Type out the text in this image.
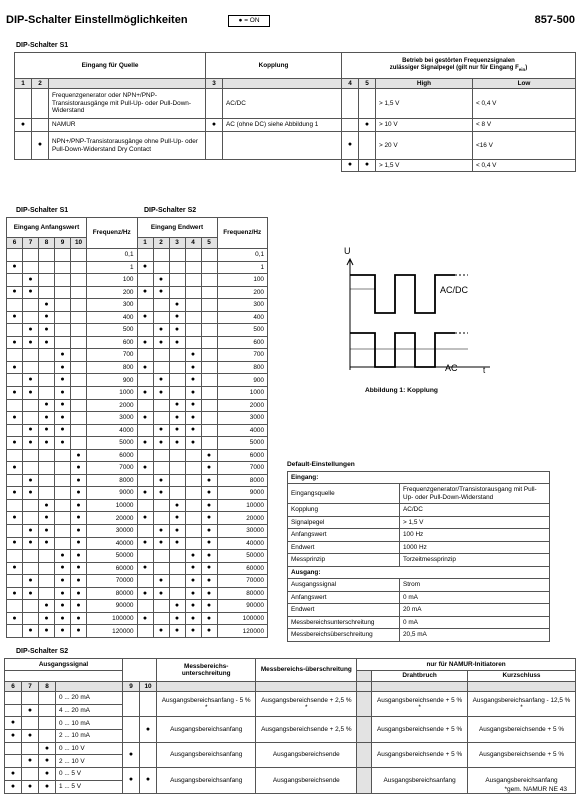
DIP-Schalter Einstellmöglichkeiten	● = ON	857-500
DIP-Schalter S1
Eingang für Quelle			Kopplung		Betrieb bei gestörten Frequenzsignalen
zulässiger Signalpegel (gilt nur für Eingang $F_{ein}$)			

1	2		3		4	5	High	Low
		Frequenzgenerator oder NPN+/PNP-Transistorausgänge mit Pull-Up- oder Pull-Down-Widerstand		AC/DC			> 1,5 V	< 0,4 V
●		NAMUR	●	AC (ohne DC) siehe Abbildung 1		●	> 10 V	< 8 V
	●	NPN+/PNP-Transistorausgänge ohne Pull-Up- oder Pull-Down-Widerstand Dry Contact			●		> 20 V	<16 V
					●	●	> 1,5 V	< 0,4 V
DIP-Schalter S1	DIP-Schalter S2
Eingang Anfangswert					Frequenz/Hz	Eingang Endwert					Frequenz/Hz
6	7	8	9	10		1	2	3	4	5	
					0,1						0,1
●					1	●					1
	●				100		●				100
●	●				200	●	●				200
		●			300			●			300
●		●			400	●		●			400
	●	●			500		●	●			500
●	●	●			600	●	●	●			600
			●		700				●		700
●			●		800	●			●		800
	●		●		900		●		●		900
●	●		●		1000	●	●		●		1000
		●	●		2000			●	●		2000
●		●	●		3000	●		●	●		3000
	●	●	●		4000		●	●	●		4000
●	●	●	●		5000	●	●	●	●		5000
				●	6000					●	6000
●				●	7000	●				●	7000
	●			●	8000		●			●	8000
●	●			●	9000	●	●			●	9000
		●		●	10000			●		●	10000
●		●		●	20000	●		●		●	20000
	●	●		●	30000		●	●		●	30000
●	●	●		●	40000	●	●	●		●	40000
			●	●	50000				●	●	50000
●			●	●	60000	●			●	●	60000
	●		●	●	70000		●		●	●	70000
●	●		●	●	80000	●	●		●	●	80000
		●	●	●	90000			●	●	●	90000
●		●	●	●	100000	●		●	●	●	100000
	●	●	●	●	120000		●	●	●	●	120000
U
AC/DC
AC	t
Abbildung 1: Kopplung
Default-Einstellungen
Eingang:	
Eingangsquelle	Frequenzgenerator/Transistorausgang mit Pull-Up- oder Pull-Down-Widerstand
Kopplung	AC/DC
Signalpegel	> 1,5 V
Anfangswert	100 Hz
Endwert	1000 Hz
Messprinzip	Torzeitmessprinzip
Ausgang:	
Ausgangssignal	Strom
Anfangswert	0 mA
Endwert	20 mA
Messbereichsunterschreitung	0 mA
Messbereichsüberschreitung	20,5 mA
DIP-Schalter S2
Ausgangssignal						Messbereichs-unterschreitung	Messbereichs-überschreitung	nur für NAMUR-Initiatoren		
									Drahtbruch	Kurzschluss
6	7	8		9	10					
			0 ... 20 mA			Ausgangsbereichsanfang - 5 % *	Ausgangsbereichsende + 2,5 % *		Ausgangsbereichsende + 5 % *	Ausgangsbereichsanfang - 12,5 % *
	●		4 ... 20 mA							
●			0 ... 10 mA		●	Ausgangsbereichsanfang	Ausgangsbereichsende + 2,5 %		Ausgangsbereichsende + 5 %	Ausgangsbereichsende + 5 %
●	●		2 ... 10 mA							
		●	0 ... 10 V	●		Ausgangsbereichsanfang	Ausgangsbereichsende		Ausgangsbereichsende + 5 %	Ausgangsbereichsende + 5 %
	●	●	2 ... 10 V							
●		●	0 ... 5 V	●	●	Ausgangsbereichsanfang	Ausgangsbereichsende		Ausgangsbereichsanfang	Ausgangsbereichsanfang
●	●	●	1 ... 5 V								*gem. NAMUR NE 43
